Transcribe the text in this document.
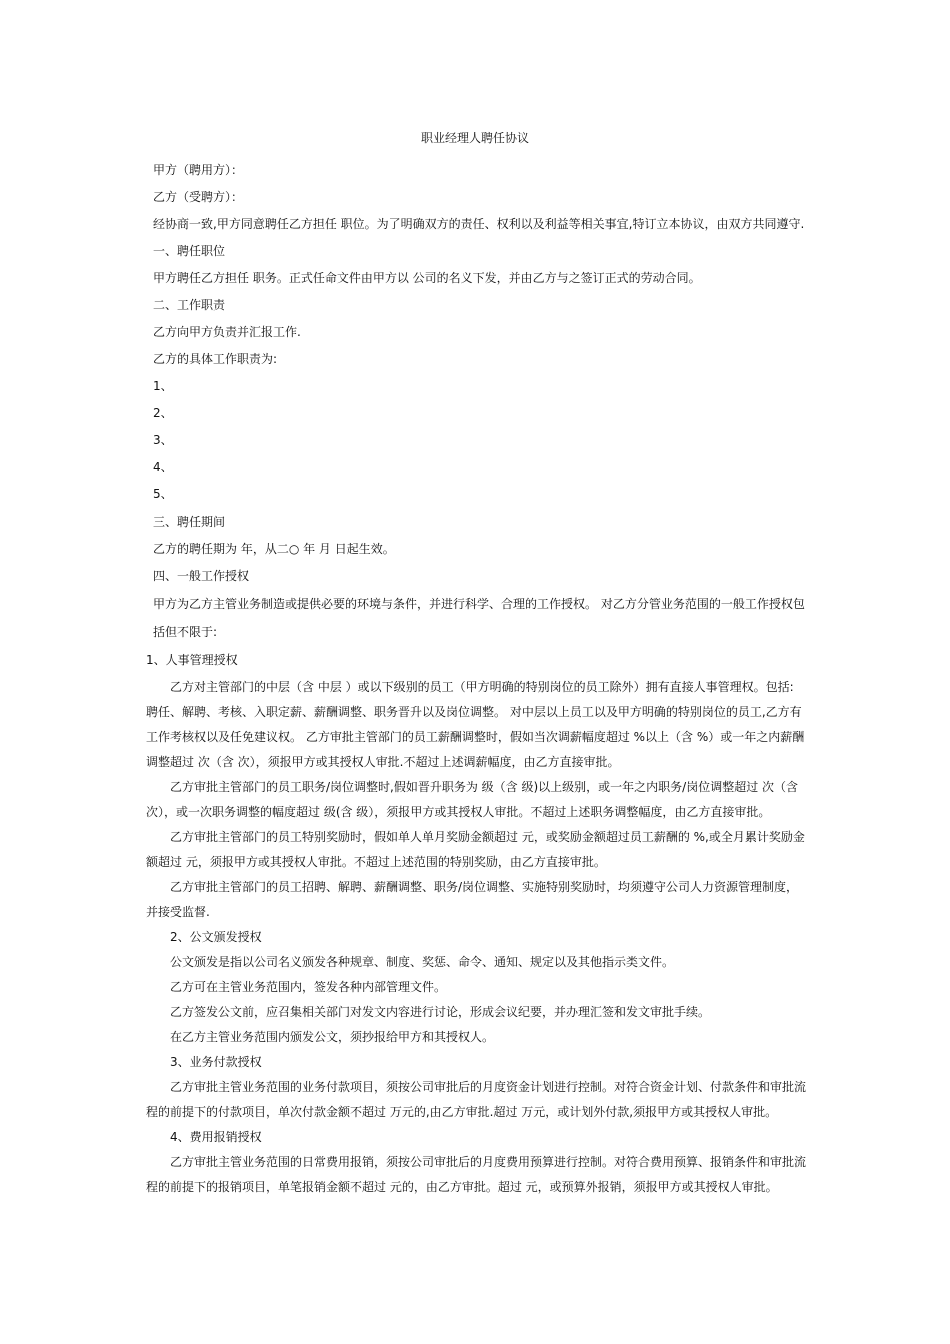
职业经理人聘任协议
甲方（聘用方）：
乙方（受聘方）：
经协商一致,甲方同意聘任乙方担任 职位。为了明确双方的责任、权利以及利益等相关事宜,特订立本协议，由双方共同遵守.
一、聘任职位
甲方聘任乙方担任 职务。正式任命文件由甲方以 公司的名义下发，并由乙方与之签订正式的劳动合同。
二、工作职责
乙方向甲方负责并汇报工作.
乙方的具体工作职责为:
1、
2、
3、
4、
5、
三、聘任期间
乙方的聘任期为 年，从二○ 年 月 日起生效。
四、一般工作授权
甲方为乙方主管业务制造或提供必要的环境与条件，并进行科学、合理的工作授权。 对乙方分管业务范围的一般工作授权包
括但不限于:
1、人事管理授权
乙方对主管部门的中层（含 中层 ）或以下级别的员工（甲方明确的特别岗位的员工除外）拥有直接人事管理权。包括:
聘任、解聘、考核、入职定薪、薪酬调整、职务晋升以及岗位调整。 对中层以上员工以及甲方明确的特别岗位的员工,乙方有
工作考核权以及任免建议权。 乙方审批主管部门的员工薪酬调整时，假如当次调薪幅度超过 %以上（含 %）或一年之内薪酬
调整超过 次（含 次），须报甲方或其授权人审批.不超过上述调薪幅度，由乙方直接审批。
乙方审批主管部门的员工职务/岗位调整时,假如晋升职务为 级（含 级)以上级别，或一年之内职务/岗位调整超过 次（含
次），或一次职务调整的幅度超过 级(含 级），须报甲方或其授权人审批。不超过上述职务调整幅度，由乙方直接审批。
乙方审批主管部门的员工特别奖励时，假如单人单月奖励金额超过 元，或奖励金额超过员工薪酬的 %,或全月累计奖励金
额超过 元，须报甲方或其授权人审批。不超过上述范围的特别奖励，由乙方直接审批。
乙方审批主管部门的员工招聘、解聘、薪酬调整、职务/岗位调整、实施特别奖励时，均须遵守公司人力资源管理制度，
并接受监督.
2、公文颁发授权
公文颁发是指以公司名义颁发各种规章、制度、奖惩、命令、通知、规定以及其他指示类文件。
乙方可在主管业务范围内，签发各种内部管理文件。
乙方签发公文前，应召集相关部门对发文内容进行讨论，形成会议纪要，并办理汇签和发文审批手续。
在乙方主管业务范围内颁发公文，须抄报给甲方和其授权人。
3、业务付款授权
乙方审批主管业务范围的业务付款项目，须按公司审批后的月度资金计划进行控制。对符合资金计划、付款条件和审批流
程的前提下的付款项目，单次付款金额不超过 万元的,由乙方审批.超过 万元，或计划外付款,须报甲方或其授权人审批。
4、费用报销授权
乙方审批主管业务范围的日常费用报销，须按公司审批后的月度费用预算进行控制。对符合费用预算、报销条件和审批流
程的前提下的报销项目，单笔报销金额不超过 元的，由乙方审批。超过 元，或预算外报销，须报甲方或其授权人审批。
